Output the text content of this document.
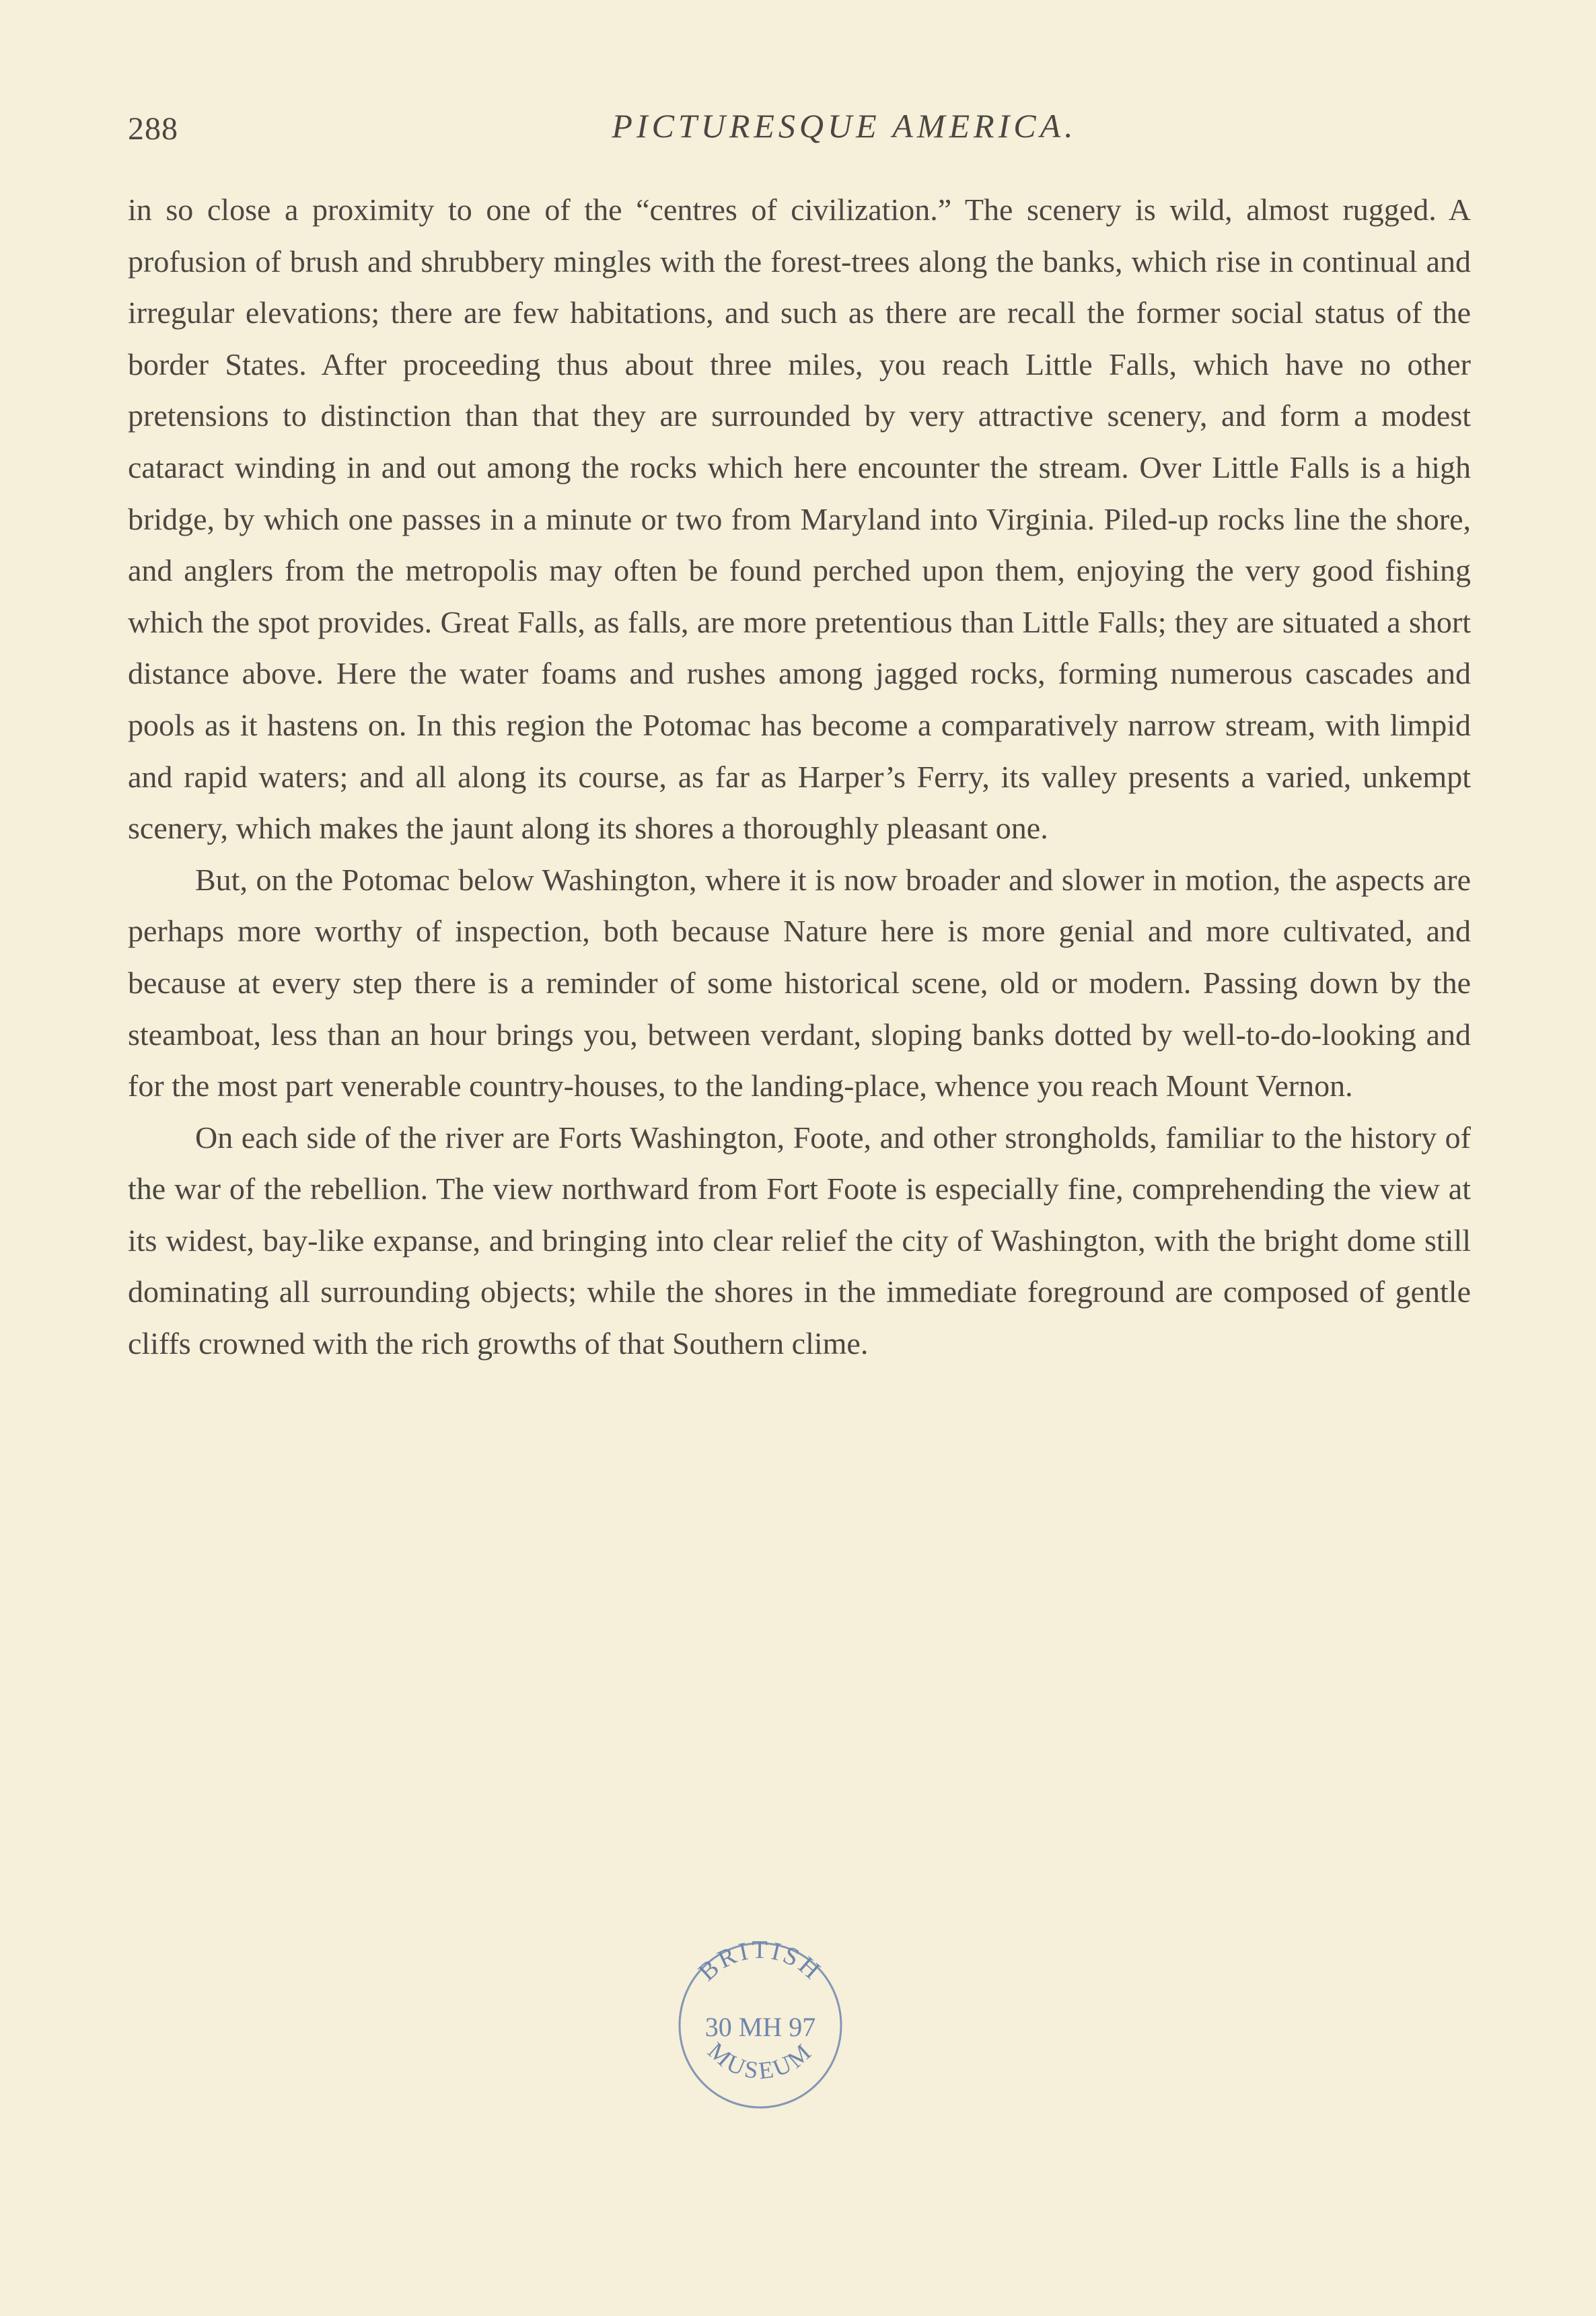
288	PICTURESQUE AMERICA.

in so close a proximity to one of the “centres of civilization.” The scenery is wild, almost rugged. A profusion of brush and shrubbery mingles with the forest-trees along the banks, which rise in continual and irregular elevations; there are few habitations, and such as there are recall the former social status of the border States. After proceeding thus about three miles, you reach Little Falls, which have no other pretensions to distinction than that they are surrounded by very attractive scenery, and form a modest cataract winding in and out among the rocks which here encounter the stream. Over Little Falls is a high bridge, by which one passes in a minute or two from Maryland into Virginia. Piled-up rocks line the shore, and anglers from the metropolis may often be found perched upon them, enjoying the very good fishing which the spot provides. Great Falls, as falls, are more pretentious than Little Falls; they are situated a short distance above. Here the water foams and rushes among jagged rocks, forming numerous cascades and pools as it hastens on. In this region the Potomac has become a comparatively narrow stream, with limpid and rapid waters; and all along its course, as far as Harper’s Ferry, its valley presents a varied, unkempt scenery, which makes the jaunt along its shores a thoroughly pleasant one.

But, on the Potomac below Washington, where it is now broader and slower in motion, the aspects are perhaps more worthy of inspection, both because Nature here is more genial and more cultivated, and because at every step there is a reminder of some historical scene, old or modern. Passing down by the steamboat, less than an hour brings you, between verdant, sloping banks dotted by well-to-do-looking and for the most part venerable country-houses, to the landing-place, whence you reach Mount Vernon.

On each side of the river are Forts Washington, Foote, and other strongholds, familiar to the history of the war of the rebellion. The view northward from Fort Foote is especially fine, comprehending the view at its widest, bay-like expanse, and bringing into clear relief the city of Washington, with the bright dome still dominating all surrounding objects; while the shores in the immediate foreground are composed of gentle cliffs crowned with the rich growths of that Southern clime.

BRITISH
30 MH 97
MUSEUM
